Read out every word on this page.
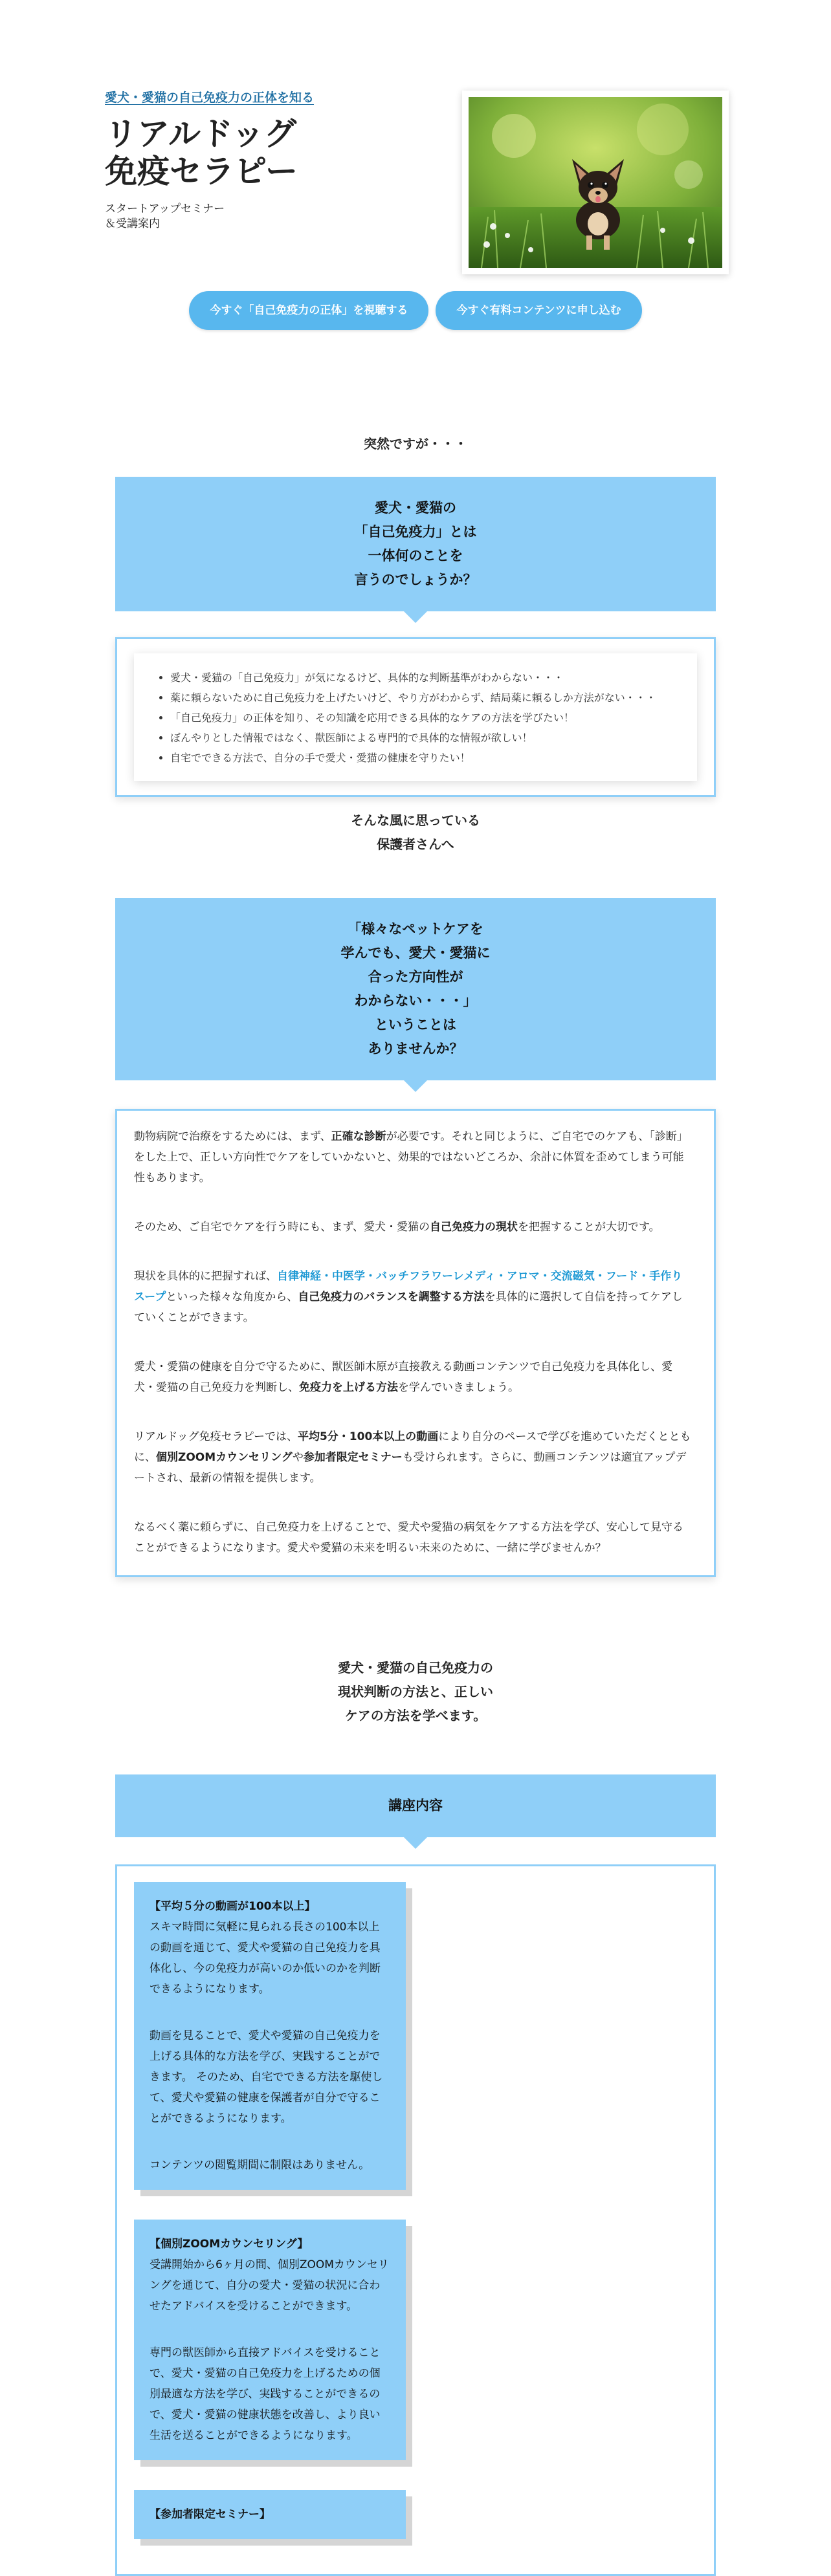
愛犬・愛猫の自己免疫力の正体を知る

リアルドッグ
免疫セラピー

スタートアップセミナー
＆受講案内

今すぐ「自己免疫力の正体」を視聴する	今すぐ有料コンテンツに申し込む

突然ですが・・・

愛犬・愛猫の
「自己免疫力」とは
一体何のことを
言うのでしょうか？
• 愛犬・愛猫の「自己免疫力」が気になるけど、具体的な判断基準がわからない・・・
• 薬に頼らないために自己免疫力を上げたいけど、やり方がわからず、結局薬に頼るしか方法がない・・・
• 「自己免疫力」の正体を知り、その知識を応用できる具体的なケアの方法を学びたい！
• ぼんやりとした情報ではなく、獣医師による専門的で具体的な情報が欲しい！
• 自宅でできる方法で、自分の手で愛犬・愛猫の健康を守りたい！
そんな風に思っている
保護者さんへ
「様々なペットケアを
学んでも、愛犬・愛猫に
合った方向性が
わからない・・・」
ということは
ありませんか？

動物病院で治療をするためには、まず、正確な診断が必要です。それと同じように、ご自宅でのケアも、「診断」をした上で、正しい方向性でケアをしていかないと、効果的ではないどころか、余計に体質を歪めてしまう可能性もあります。

そのため、ご自宅でケアを行う時にも、まず、愛犬・愛猫の自己免疫力の現状を把握することが大切です。

現状を具体的に把握すれば、自律神経・中医学・バッチフラワーレメディ・アロマ・交流磁気・フード・手作りスープといった様々な角度から、自己免疫力のバランスを調整する方法を具体的に選択して自信を持ってケアしていくことができます。

愛犬・愛猫の健康を自分で守るために、獣医師木原が直接教える動画コンテンツで自己免疫力を具体化し、愛犬・愛猫の自己免疫力を判断し、免疫力を上げる方法を学んでいきましょう。

リアルドッグ免疫セラピーでは、平均5分・100本以上の動画により自分のペースで学びを進めていただくとともに、個別ZOOMカウンセリングや参加者限定セミナーも受けられます。さらに、動画コンテンツは適宜アップデートされ、最新の情報を提供します。

なるべく薬に頼らずに、自己免疫力を上げることで、愛犬や愛猫の病気をケアする方法を学び、安心して見守ることができるようになります。愛犬や愛猫の未来を明るい未来のために、一緒に学びませんか？

愛犬・愛猫の自己免疫力の
現状判断の方法と、正しい
ケアの方法を学べます。
講座内容

【平均５分の動画が100本以上】

スキマ時間に気軽に見られる長さの100本以上の動画を通じて、愛犬や愛猫の自己免疫力を具体化し、今の免疫力が高いのか低いのかを判断できるようになります。

動画を見ることで、愛犬や愛猫の自己免疫力を上げる具体的な方法を学び、実践することができます。 そのため、自宅でできる方法を駆使して、愛犬や愛猫の健康を保護者が自分で守ることができるようになります。

コンテンツの閲覧期間に制限はありません。

【個別ZOOMカウンセリング】

受講開始から6ヶ月の間、個別ZOOMカウンセリングを通じて、自分の愛犬・愛猫の状況に合わせたアドバイスを受けることができます。

専門の獣医師から直接アドバイスを受けることで、愛犬・愛猫の自己免疫力を上げるための個別最適な方法を学び、実践することができるので、愛犬・愛猫の健康状態を改善し、より良い生活を送ることができるようになります。

【参加者限定セミナー】
